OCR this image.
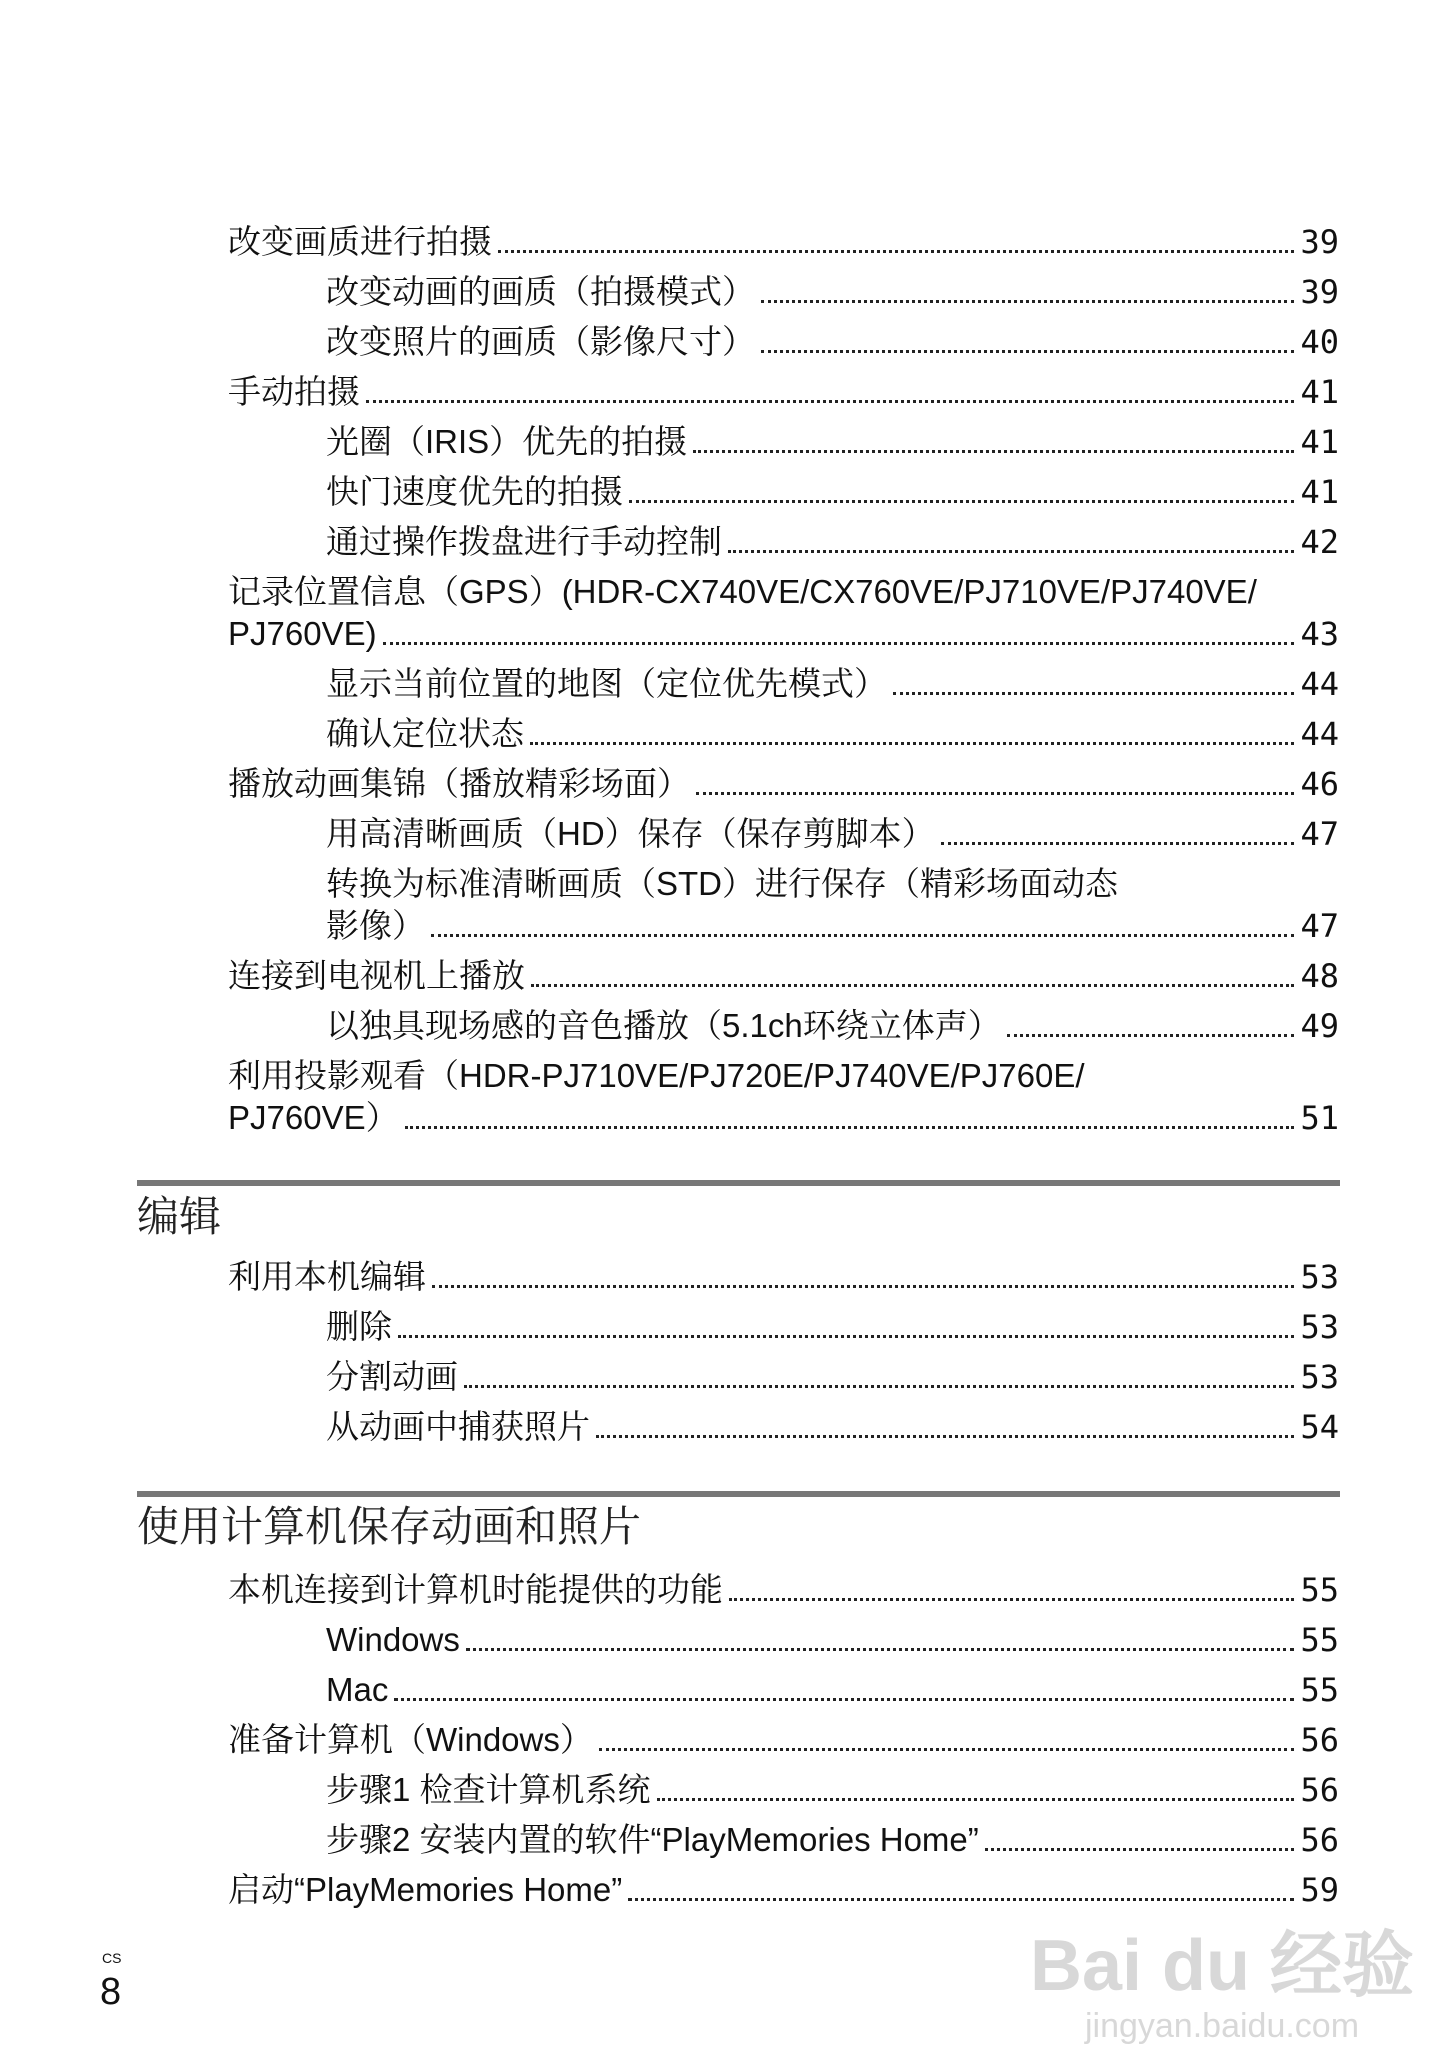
改变画质进行拍摄	39
改变动画的画质（拍摄模式）	39
改变照片的画质（影像尺寸）	40
手动拍摄	41
光圈（IRIS）优先的拍摄	41
快门速度优先的拍摄	41
通过操作拨盘进行手动控制	42
记录位置信息（GPS）(HDR-CX740VE/CX760VE/PJ710VE/PJ740VE/
PJ760VE)	43
显示当前位置的地图（定位优先模式）	44
确认定位状态	44
播放动画集锦（播放精彩场面）	46
用高清晰画质（HD）保存（保存剪脚本）	47
转换为标准清晰画质（STD）进行保存（精彩场面动态
影像）	47
连接到电视机上播放	48
以独具现场感的音色播放（5.1ch环绕立体声）	49
利用投影观看（HDR-PJ710VE/PJ720E/PJ740VE/PJ760E/
PJ760VE）	51
编辑
利用本机编辑	53
删除	53
分割动画	53
从动画中捕获照片	54
使用计算机保存动画和照片
本机连接到计算机时能提供的功能	55
Windows	55
Mac	55
准备计算机（Windows）	56
步骤1 检查计算机系统	56
步骤2 安装内置的软件“PlayMemories Home”	56
启动“PlayMemories Home”	59
CS
8	Bai du 经验
jingyan.baidu.com
